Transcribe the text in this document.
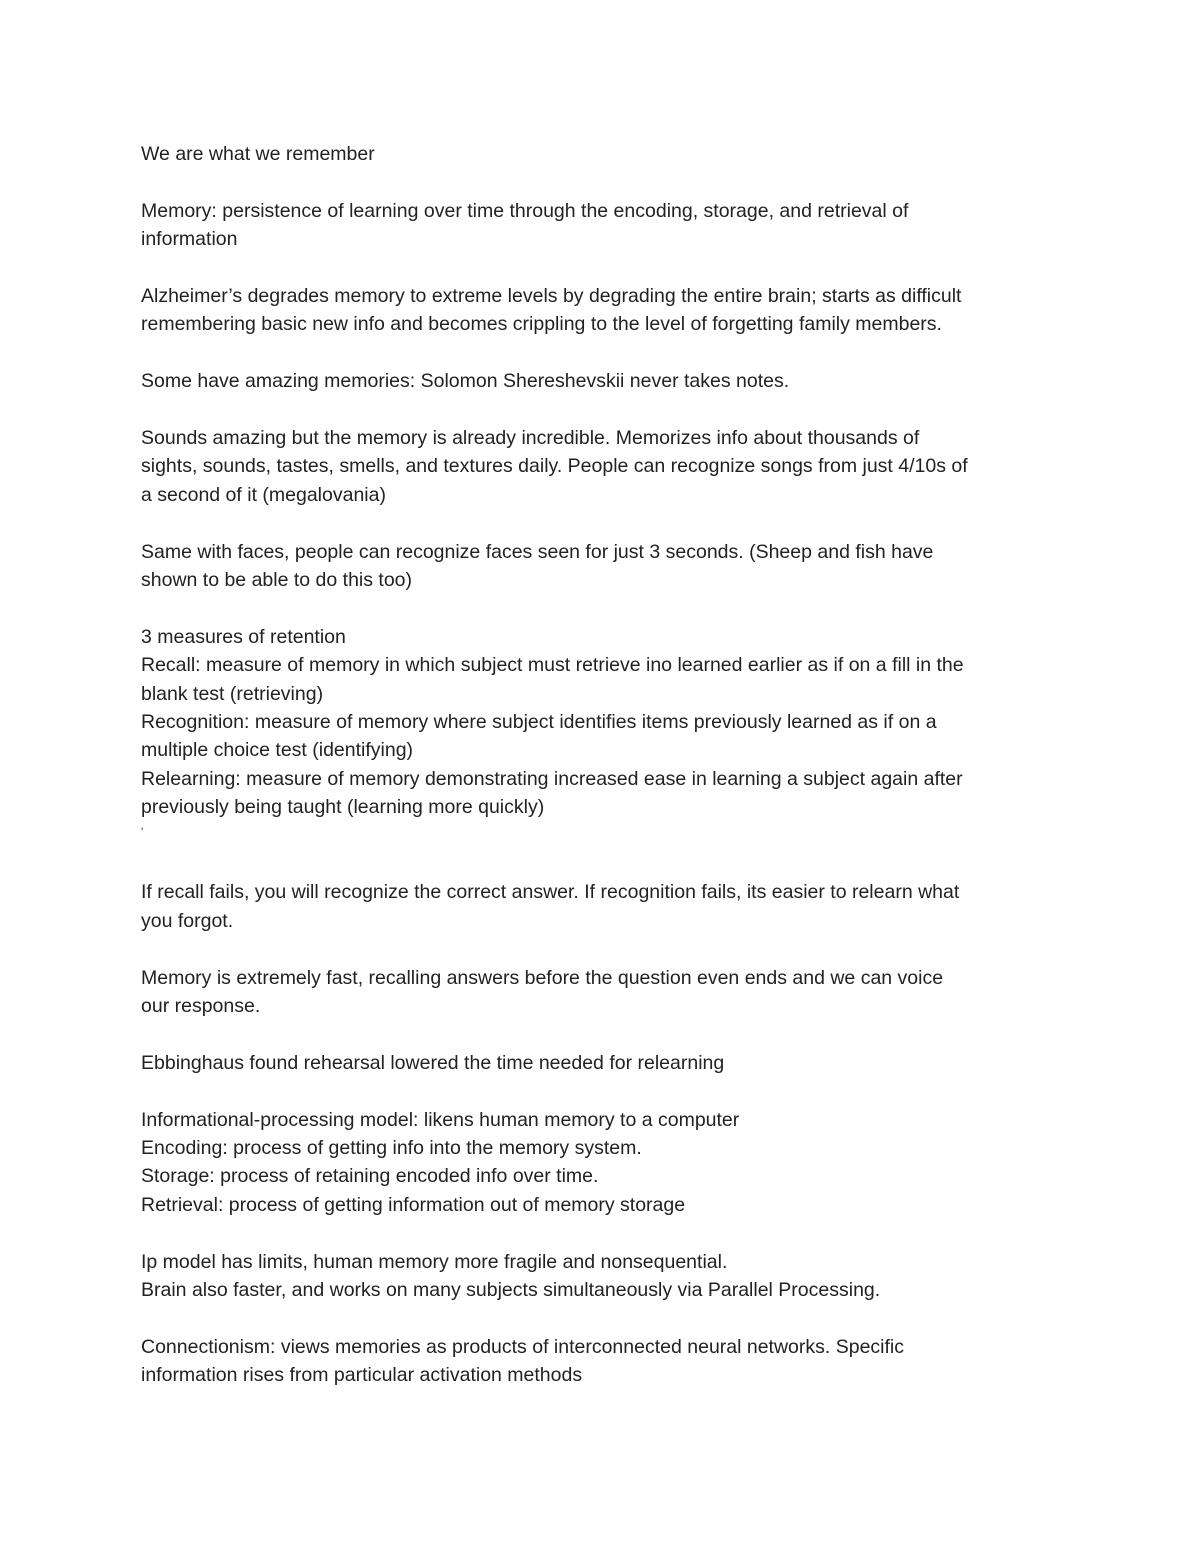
We are what we remember

Memory: persistence of learning over time through the encoding, storage, and retrieval of
information

Alzheimer’s degrades memory to extreme levels by degrading the entire brain; starts as difficult
remembering basic new info and becomes crippling to the level of forgetting family members.

Some have amazing memories: Solomon Shereshevskii never takes notes.

Sounds amazing but the memory is already incredible. Memorizes info about thousands of
sights, sounds, tastes, smells, and textures daily. People can recognize songs from just 4/10s of
a second of it (megalovania)

Same with faces, people can recognize faces seen for just 3 seconds. (Sheep and fish have
shown to be able to do this too)

3 measures of retention
Recall: measure of memory in which subject must retrieve ino learned earlier as if on a fill in the
blank test (retrieving)
Recognition: measure of memory where subject identifies items previously learned as if on a
multiple choice test (identifying)
Relearning: measure of memory demonstrating increased ease in learning a subject again after
previously being taught (learning more quickly)
'

If recall fails, you will recognize the correct answer. If recognition fails, its easier to relearn what
you forgot.

Memory is extremely fast, recalling answers before the question even ends and we can voice
our response.

Ebbinghaus found rehearsal lowered the time needed for relearning

Informational-processing model: likens human memory to a computer
Encoding: process of getting info into the memory system.
Storage: process of retaining encoded info over time.
Retrieval: process of getting information out of memory storage

Ip model has limits, human memory more fragile and nonsequential.
Brain also faster, and works on many subjects simultaneously via Parallel Processing.

Connectionism: views memories as products of interconnected neural networks. Specific
information rises from particular activation methods
